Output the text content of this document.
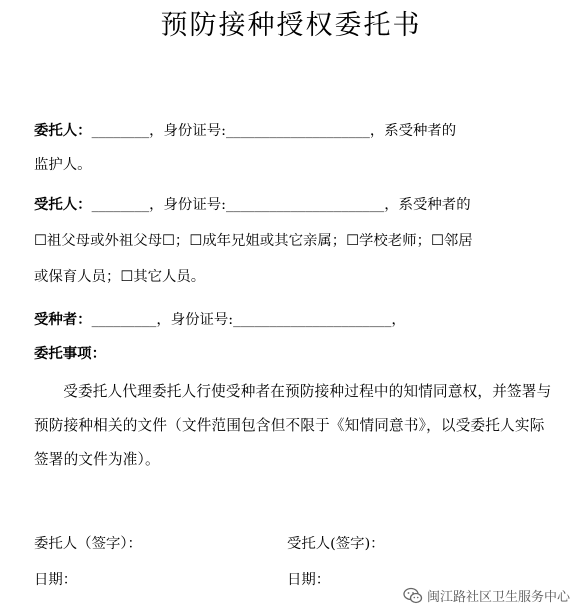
预防接种授权委托书
委托人：________，身份证号:____________________，系受种者的
监护人。
受托人：________，身份证号:______________________，系受种者的
☐祖父母或外祖父母☐；☐成年兄姐或其它亲属；☐学校老师；☐邻居
或保育人员；☐其它人员。
受种者：_________，身份证号:______________________，
委托事项：
受委托人代理委托人行使受种者在预防接种过程中的知情同意权，并签署与预防接种相关的文件（文件范围包含但不限于《知情同意书》，以受委托人实际签署的文件为准）。
委托人（签字）：	受托人(签字)：
日期：	日期：
闽江路社区卫生服务中心
